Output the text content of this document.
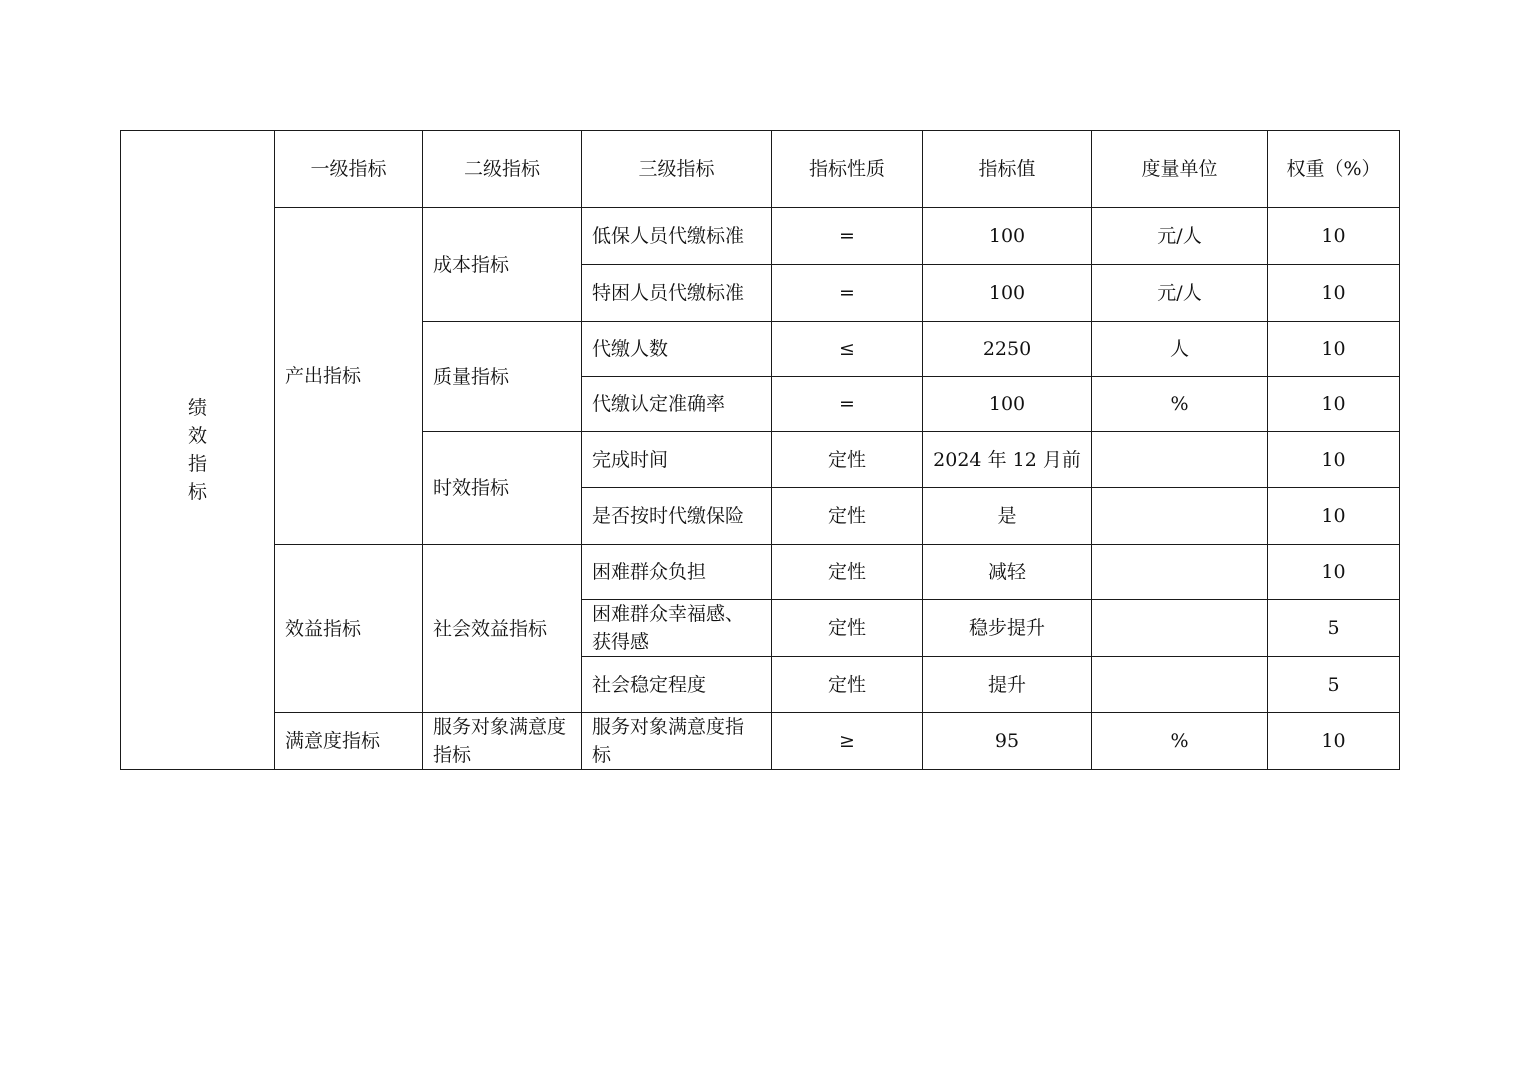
绩
效
指
标	一级指标	二级指标	三级指标	指标性质	指标值	度量单位	权重（%）
	产出指标	成本指标	低保人员代缴标准	=	100	元/人	10
			特困人员代缴标准	=	100	元/人	10
		质量指标	代缴人数	≤	2250	人	10
			代缴认定准确率	=	100	%	10
		时效指标	完成时间	定性	2024 年 12 月前		10
			是否按时代缴保险	定性	是		10
	效益指标	社会效益指标	困难群众负担	定性	减轻		10
			困难群众幸福感、获得感	定性	稳步提升		5
			社会稳定程度	定性	提升		5
	满意度指标	服务对象满意度指标	服务对象满意度指标	≥	95	%	10
